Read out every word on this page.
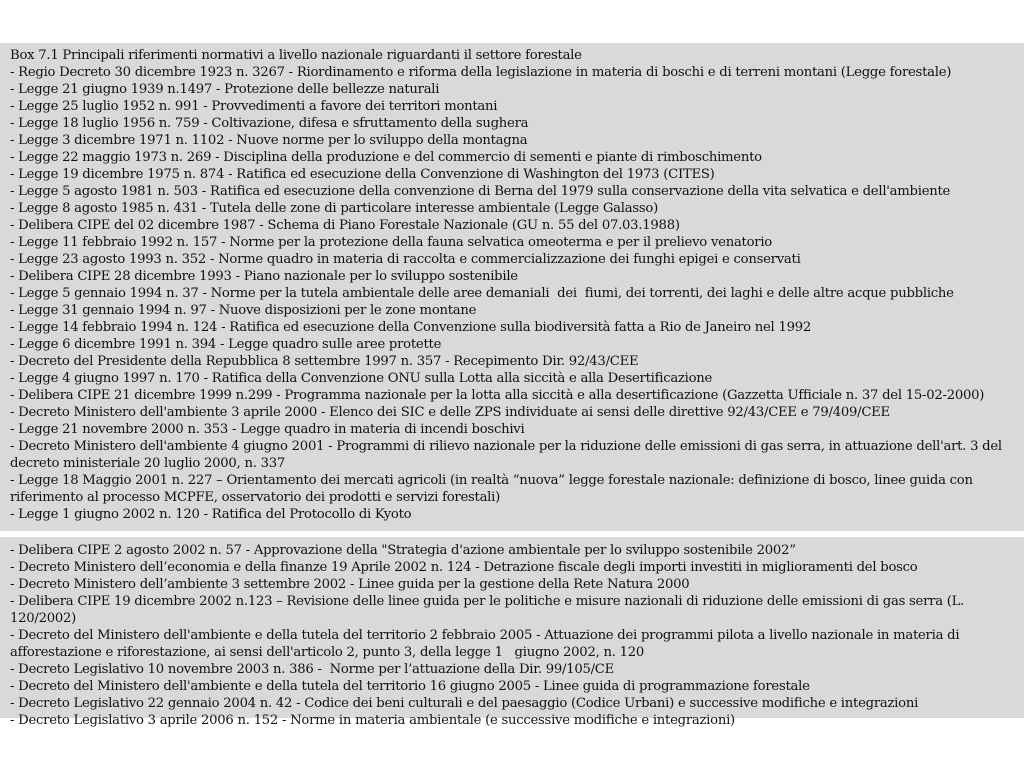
Box 7.1 Principali riferimenti normativi a livello nazionale riguardanti il settore forestale

- Regio Decreto 30 dicembre 1923 n. 3267 - Riordinamento e riforma della legislazione in materia di boschi e di terreni montani (Legge forestale)

- Legge 21 giugno 1939 n.1497 - Protezione delle bellezze naturali

- Legge 25 luglio 1952 n. 991 - Provvedimenti a favore dei territori montani

- Legge 18 luglio 1956 n. 759 - Coltivazione, difesa e sfruttamento della sughera

- Legge 3 dicembre 1971 n. 1102 - Nuove norme per lo sviluppo della montagna

- Legge 22 maggio 1973 n. 269 - Disciplina della produzione e del commercio di sementi e piante di rimboschimento

- Legge 19 dicembre 1975 n. 874 - Ratifica ed esecuzione della Convenzione di Washington del 1973 (CITES)

- Legge 5 agosto 1981 n. 503 - Ratifica ed esecuzione della convenzione di Berna del 1979 sulla conservazione della vita selvatica e dell'ambiente

- Legge 8 agosto 1985 n. 431 - Tutela delle zone di particolare interesse ambientale (Legge Galasso)

- Delibera CIPE del 02 dicembre 1987 - Schema di Piano Forestale Nazionale (GU n. 55 del 07.03.1988)

- Legge 11 febbraio 1992 n. 157 - Norme per la protezione della fauna selvatica omeoterma e per il prelievo venatorio

- Legge 23 agosto 1993 n. 352 - Norme quadro in materia di raccolta e commercializzazione dei funghi epigei e conservati

- Delibera CIPE 28 dicembre 1993 - Piano nazionale per lo sviluppo sostenibile

- Legge 5 gennaio 1994 n. 37 - Norme per la tutela ambientale delle aree demaniali  dei  fiumi, dei torrenti, dei laghi e delle altre acque pubbliche

- Legge 31 gennaio 1994 n. 97 - Nuove disposizioni per le zone montane

- Legge 14 febbraio 1994 n. 124 - Ratifica ed esecuzione della Convenzione sulla biodiversità fatta a Rio de Janeiro nel 1992

- Legge 6 dicembre 1991 n. 394 - Legge quadro sulle aree protette

- Decreto del Presidente della Repubblica 8 settembre 1997 n. 357 - Recepimento Dir. 92/43/CEE

- Legge 4 giugno 1997 n. 170 - Ratifica della Convenzione ONU sulla Lotta alla siccità e alla Desertificazione

- Delibera CIPE 21 dicembre 1999 n.299 - Programma nazionale per la lotta alla siccità e alla desertificazione (Gazzetta Ufficiale n. 37 del 15-02-2000)

- Decreto Ministero dell'ambiente 3 aprile 2000 - Elenco dei SIC e delle ZPS individuate ai sensi delle direttive 92/43/CEE e 79/409/CEE

- Legge 21 novembre 2000 n. 353 - Legge quadro in materia di incendi boschivi

- Decreto Ministero dell'ambiente 4 giugno 2001 - Programmi di rilievo nazionale per la riduzione delle emissioni di gas serra, in attuazione dell'art. 3 del decreto ministeriale 20 luglio 2000, n. 337

- Legge 18 Maggio 2001 n. 227 – Orientamento dei mercati agricoli (in realtà “nuova” legge forestale nazionale: definizione di bosco, linee guida con riferimento al processo MCPFE, osservatorio dei prodotti e servizi forestali)

- Legge 1 giugno 2002 n. 120 - Ratifica del Protocollo di Kyoto

- Delibera CIPE 2 agosto 2002 n. 57 - Approvazione della "Strategia d'azione ambientale per lo sviluppo sostenibile 2002”

- Decreto Ministero dell’economia e della finanze 19 Aprile 2002 n. 124 - Detrazione fiscale degli importi investiti in miglioramenti del bosco

- Decreto Ministero dell’ambiente 3 settembre 2002 - Linee guida per la gestione della Rete Natura 2000

- Delibera CIPE 19 dicembre 2002 n.123 – Revisione delle linee guida per le politiche e misure nazionali di riduzione delle emissioni di gas serra (L. 120/2002)

- Decreto del Ministero dell'ambiente e della tutela del territorio 2 febbraio 2005 - Attuazione dei programmi pilota a livello nazionale in materia di afforestazione e riforestazione, ai sensi dell'articolo 2, punto 3, della legge 1   giugno 2002, n. 120

- Decreto Legislativo 10 novembre 2003 n. 386 -  Norme per l’attuazione della Dir. 99/105/CE

- Decreto del Ministero dell'ambiente e della tutela del territorio 16 giugno 2005 - Linee guida di programmazione forestale

- Decreto Legislativo 22 gennaio 2004 n. 42 - Codice dei beni culturali e del paesaggio (Codice Urbani) e successive modifiche e integrazioni

- Decreto Legislativo 3 aprile 2006 n. 152 - Norme in materia ambientale (e successive modifiche e integrazioni)
